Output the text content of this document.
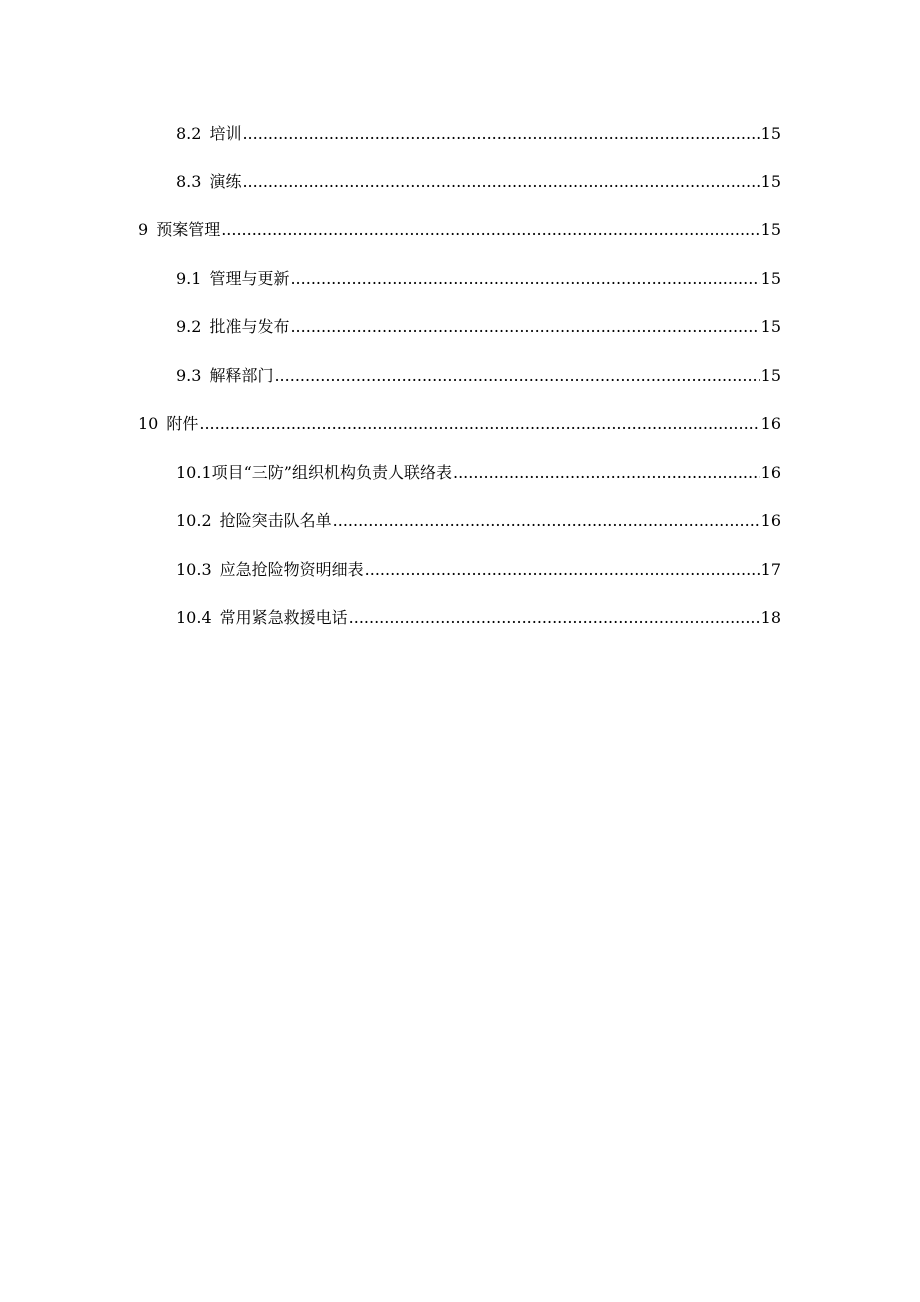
8.2 培训 .....	15
8.3 演练 .....	15
9 预案管理 .....	15
9.1 管理与更新 .....	15
9.2 批准与发布 .....	15
9.3 解释部门 .....	15
10 附件 .....	16
10.1 项目“三防”组织机构负责人联络表 .....	16
10.2 抢险突击队名单 .....	16
10.3 应急抢险物资明细表 .....	17
10.4 常用紧急救援电话 .....	18
